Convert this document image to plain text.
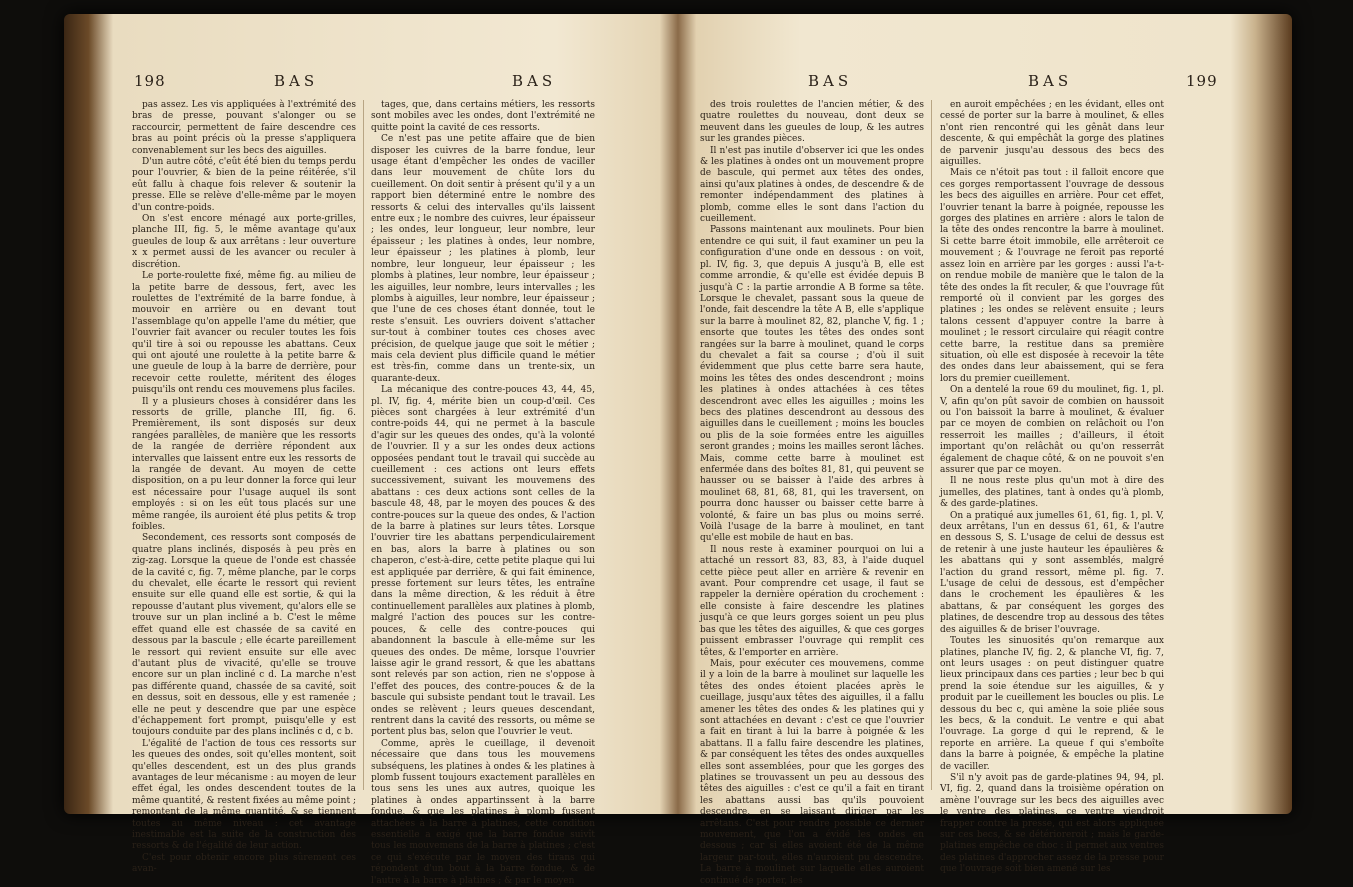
198	BAS	BAS

pas assez. Les vis appliquées à l'extrémité des bras de presse, pouvant s'alonger ou se raccourcir, permettent de faire descendre ces bras au point précis où la presse s'appliquera convenablement sur les becs des aiguilles.

D'un autre côté, c'eût été bien du temps perdu pour l'ouvrier, & bien de la peine réitérée, s'il eût fallu à chaque fois relever & soutenir la presse. Elle se relève d'elle-même par le moyen d'un contre-poids.

On s'est encore ménagé aux porte-grilles, planche III, fig. 5, le même avantage qu'aux gueules de loup & aux arrêtans : leur ouverture x x permet aussi de les avancer ou reculer à discrétion.

Le porte-roulette fixé, même fig. au milieu de la petite barre de dessous, fert, avec les roulettes de l'extrémité de la barre fondue, à mouvoir en arrière ou en devant tout l'assemblage qu'on appelle l'ame du métier, que l'ouvrier fait avancer ou reculer toutes les fois qu'il tire à soi ou repousse les abattans. Ceux qui ont ajouté une roulette à la petite barre & une gueule de loup à la barre de derrière, pour recevoir cette roulette, méritent des éloges puisqu'ils ont rendu ces mouvemens plus faciles.

Il y a plusieurs choses à considérer dans les ressorts de grille, planche III, fig. 6. Premièrement, ils sont disposés sur deux rangées parallèles, de manière que les ressorts de la rangée de derrière répondent aux intervalles que laissent entre eux les ressorts de la rangée de devant. Au moyen de cette disposition, on a pu leur donner la force qui leur est nécessaire pour l'usage auquel ils sont employés : si on les eût tous placés sur une même rangée, ils auroient été plus petits & trop foibles.

Secondement, ces ressorts sont composés de quatre plans inclinés, disposés à peu près en zig-zag. Lorsque la queue de l'onde est chassée de la cavité c, fig. 7, même planche, par le corps du chevalet, elle écarte le ressort qui revient ensuite sur elle quand elle est sortie, & qui la repousse d'autant plus vivement, qu'alors elle se trouve sur un plan incliné a b. C'est le même effet quand elle est chassée de sa cavité en dessous par la bascule ; elle écarte pareillement le ressort qui revient ensuite sur elle avec d'autant plus de vivacité, qu'elle se trouve encore sur un plan incliné c d. La marche n'est pas différente quand, chassée de sa cavité, soit en dessus, soit en dessous, elle y est ramenée ; elle ne peut y descendre que par une espèce d'échappement fort prompt, puisqu'elle y est toujours conduite par des plans inclinés c d, c b.

L'égalité de l'action de tous ces ressorts sur les queues des ondes, soit qu'elles montent, soit qu'elles descendent, est un des plus grands avantages de leur mécanisme : au moyen de leur effet égal, les ondes descendent toutes de la même quantité, & restent fixées au même point ; remontent de la même quantité, & se tiennent toutes au même niveau : cet avantage inestimable est la suite de la construction des ressorts & de l'égalité de leur action.

C'est pour obtenir encore plus sûrement ces avan-

tages, que, dans certains métiers, les ressorts sont mobiles avec les ondes, dont l'extrémité ne quitte point la cavité de ces ressorts.

Ce n'est pas une petite affaire que de bien disposer les cuivres de la barre fondue, leur usage étant d'empêcher les ondes de vaciller dans leur mouvement de chûte lors du cueillement. On doit sentir à présent qu'il y a un rapport bien déterminé entre le nombre des ressorts & celui des intervalles qu'ils laissent entre eux ; le nombre des cuivres, leur épaisseur ; les ondes, leur longueur, leur nombre, leur épaisseur ; les platines à ondes, leur nombre, leur épaisseur ; les platines à plomb, leur nombre, leur longueur, leur épaisseur ; les plombs à platines, leur nombre, leur épaisseur ; les aiguilles, leur nombre, leurs intervalles ; les plombs à aiguilles, leur nombre, leur épaisseur ; que l'une de ces choses étant donnée, tout le reste s'ensuit. Les ouvriers doivent s'attacher sur-tout à combiner toutes ces choses avec précision, de quelque jauge que soit le métier ; mais cela devient plus difficile quand le métier est très-fin, comme dans un trente-six, un quarante-deux.

La mécanique des contre-pouces 43, 44, 45, pl. IV, fig. 4, mérite bien un coup-d'œil. Ces pièces sont chargées à leur extrémité d'un contre-poids 44, qui ne permet à la bascule d'agir sur les queues des ondes, qu'à la volonté de l'ouvrier. Il y a sur les ondes deux actions opposées pendant tout le travail qui succède au cueillement : ces actions ont leurs effets successivement, suivant les mouvemens des abattans : ces deux actions sont celles de la bascule 48, 48, par le moyen des pouces & des contre-pouces sur la queue des ondes, & l'action de la barre à platines sur leurs têtes. Lorsque l'ouvrier tire les abattans perpendiculairement en bas, alors la barre à platines ou son chaperon, c'est-à-dire, cette petite plaque qui lui est appliquée par derrière, & qui fait éminence, presse fortement sur leurs têtes, les entraîne dans la même direction, & les réduit à être continuellement parallèles aux platines à plomb, malgré l'action des pouces sur les contre-pouces, & celle des contre-pouces qui abandonnent la bascule à elle-même sur les queues des ondes. De même, lorsque l'ouvrier laisse agir le grand ressort, & que les abattans sont relevés par son action, rien ne s'oppose à l'effet des pouces, des contre-pouces & de la bascule qui subsiste pendant tout le travail. Les ondes se relèvent ; leurs queues descendant, rentrent dans la cavité des ressorts, ou même se portent plus bas, selon que l'ouvrier le veut.

Comme, après le cueillage, il devenoit nécessaire que dans tous les mouvemens subséquens, les platines à ondes & les platines à plomb fussent toujours exactement parallèles en tous sens les unes aux autres, quoique les platines à ondes appartinssent à la barre fondue, & que les platines à plomb fussent attachées à la barre à platines, cette condition essentielle a exigé que la barre fondue suivît tous les mouvemens de la barre à platines ; c'est ce qui s'exécute par le moyen des tirans qui répondent d'un bout à la barre fondue, & de l'autre à la barre à platines ; & par le moyen

BAS	BAS	199

des trois roulettes de l'ancien métier, & des quatre roulettes du nouveau, dont deux se meuvent dans les gueules de loup, & les autres sur les grandes pièces.

Il n'est pas inutile d'observer ici que les ondes & les platines à ondes ont un mouvement propre de bascule, qui permet aux têtes des ondes, ainsi qu'aux platines à ondes, de descendre & de remonter indépendamment des platines à plomb, comme elles le sont dans l'action du cueillement.

Passons maintenant aux moulinets. Pour bien entendre ce qui suit, il faut examiner un peu la configuration d'une onde en dessous : on voit, pl. IV, fig. 3, que depuis A jusqu'à B, elle est comme arrondie, & qu'elle est évidée depuis B jusqu'à C : la partie arrondie A B forme sa tête. Lorsque le chevalet, passant sous la queue de l'onde, fait descendre la tête A B, elle s'applique sur la barre à moulinet 82, 82, planche V, fig. 1 ; ensorte que toutes les têtes des ondes sont rangées sur la barre à moulinet, quand le corps du chevalet a fait sa course ; d'où il suit évidemment que plus cette barre sera haute, moins les têtes des ondes descendront ; moins les platines à ondes attachées à ces têtes descendront avec elles les aiguilles ; moins les becs des platines descendront au dessous des aiguilles dans le cueillement ; moins les boucles ou plis de la soie formées entre les aiguilles seront grandes ; moins les mailles seront lâches. Mais, comme cette barre à moulinet est enfermée dans des boîtes 81, 81, qui peuvent se hausser ou se baisser à l'aide des arbres à moulinet 68, 81, 68, 81, qui les traversent, on pourra donc hausser ou baisser cette barre à volonté, & faire un bas plus ou moins serré. Voilà l'usage de la barre à moulinet, en tant qu'elle est mobile de haut en bas.

Il nous reste à examiner pourquoi on lui a attaché un ressort 83, 83, 83, à l'aide duquel cette pièce peut aller en arrière & revenir en avant. Pour comprendre cet usage, il faut se rappeler la dernière opération du crochement : elle consiste à faire descendre les platines jusqu'à ce que leurs gorges soient un peu plus bas que les têtes des aiguilles, & que ces gorges puissent embrasser l'ouvrage qui remplit ces têtes, & l'emporter en arrière.

Mais, pour exécuter ces mouvemens, comme il y a loin de la barre à moulinet sur laquelle les têtes des ondes étoient placées après le cueillage, jusqu'aux têtes des aiguilles, il a fallu amener les têtes des ondes & les platines qui y sont attachées en devant : c'est ce que l'ouvrier a fait en tirant à lui la barre à poignée & les abattans. Il a fallu faire descendre les platines, & par conséquent les têtes des ondes auxquelles elles sont assemblées, pour que les gorges des platines se trouvassent un peu au dessous des têtes des aiguilles : c'est ce qu'il a fait en tirant les abattans aussi bas qu'ils pouvoient descendre, en se laissant diriger par les arrêtans. C'est pour rendre possible ce dernier mouvement, que l'on a évidé les ondes en dessous ; car si elles avoient été de la même largeur par-tout, elles n'auroient pu descendre. La barre à moulinet sur laquelle elles auroient continué de porter, les

en auroit empêchées ; en les évidant, elles ont cessé de porter sur la barre à moulinet, & elles n'ont rien rencontré qui les gênât dans leur descente, & qui empêchât la gorge des platines de parvenir jusqu'au dessous des becs des aiguilles.

Mais ce n'étoit pas tout : il falloit encore que ces gorges remportassent l'ouvrage de dessous les becs des aiguilles en arrière. Pour cet effet, l'ouvrier tenant la barre à poignée, repousse les gorges des platines en arrière : alors le talon de la tête des ondes rencontre la barre à moulinet. Si cette barre étoit immobile, elle arrêteroit ce mouvement ; & l'ouvrage ne feroit pas reporté assez loin en arrière par les gorges : aussi l'a-t-on rendue mobile de manière que le talon de la tête des ondes la fît reculer, & que l'ouvrage fût remporté où il convient par les gorges des platines ; les ondes se relèvent ensuite ; leurs talons cessent d'appuyer contre la barre à moulinet ; le ressort circulaire qui réagit contre cette barre, la restitue dans sa première situation, où elle est disposée à recevoir la tête des ondes dans leur abaissement, qui se fera lors du premier cueillement.

On a dentelé la roue 69 du moulinet, fig. 1, pl. V, afin qu'on pût savoir de combien on haussoit ou l'on baissoit la barre à moulinet, & évaluer par ce moyen de combien on relâchoit ou l'on resserroit les mailles ; d'ailleurs, il étoit important qu'on relâchât ou qu'on resserrât également de chaque côté, & on ne pouvoit s'en assurer que par ce moyen.

Il ne nous reste plus qu'un mot à dire des jumelles, des platines, tant à ondes qu'à plomb, & des garde-platines.

On a pratiqué aux jumelles 61, 61, fig. 1, pl. V, deux arrêtans, l'un en dessus 61, 61, & l'autre en dessous S, S. L'usage de celui de dessus est de retenir à une juste hauteur les épaulières & les abattans qui y sont assemblés, malgré l'action du grand ressort, même pl. fig. 7. L'usage de celui de dessous, est d'empêcher dans le crochement les épaulières & les abattans, & par conséquent les gorges des platines, de descendre trop au dessous des têtes des aiguilles & de briser l'ouvrage.

Toutes les sinuosités qu'on remarque aux platines, planche IV, fig. 2, & planche VI, fig. 7, ont leurs usages : on peut distinguer quatre lieux principaux dans ces parties ; leur bec b qui prend la soie étendue sur les aiguilles, & y produit par le cueillement les boucles ou plis. Le dessous du bec c, qui amène la soie pliée sous les becs, & la conduit. Le ventre e qui abat l'ouvrage. La gorge d qui le reprend, & le reporte en arrière. La queue f qui s'emboîte dans la barre à poignée, & empêche la platine de vaciller.

S'il n'y avoit pas de garde-platines 94, 94, pl. VI, fig. 2, quand dans la troisième opération on amène l'ouvrage sur les becs des aiguilles avec le ventre des platines, ce ventre viendroit frapper contre la presse, qui est alors appliquée sur ces becs, & se détérioreroit ; mais le garde-platines empêche ce choc : il permet aux ventres des platines d'approcher assez de la presse pour que l'ouvrage soit bien amené sur les
